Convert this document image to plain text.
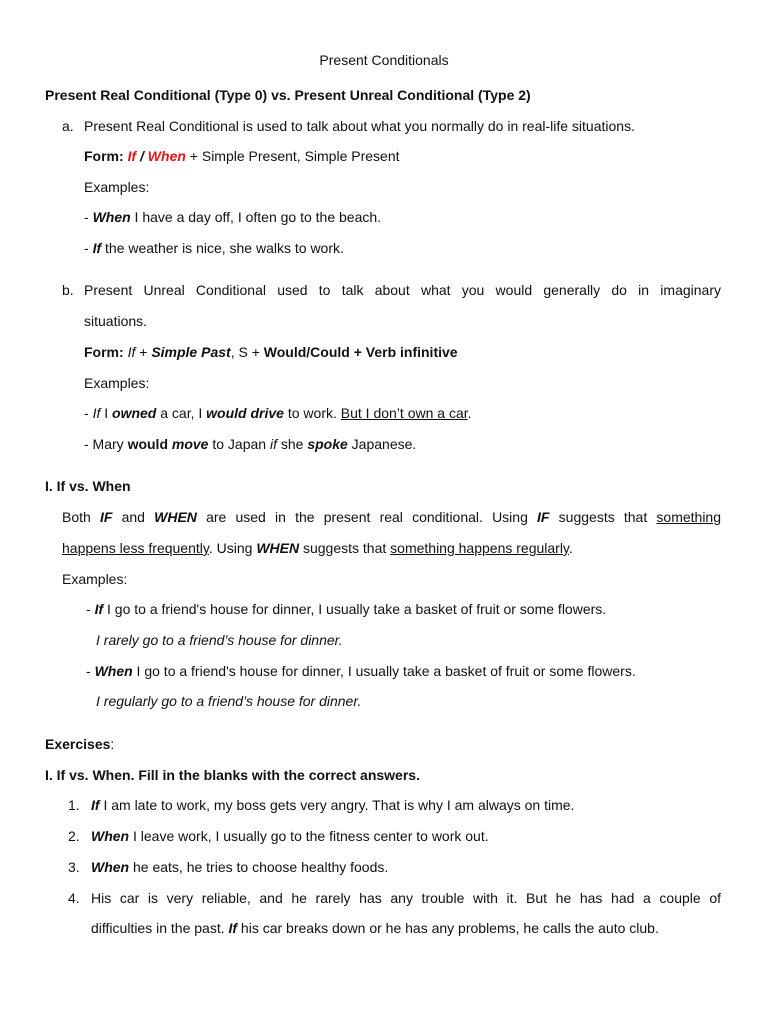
Present Conditionals
Present Real Conditional (Type 0) vs. Present Unreal Conditional (Type 2)
a. Present Real Conditional is used to talk about what you normally do in real-life situations.
Form: If / When + Simple Present, Simple Present
Examples:
- When I have a day off, I often go to the beach.
- If the weather is nice, she walks to work.
b. Present Unreal Conditional used to talk about what you would generally do in imaginary
situations.
Form: If + Simple Past, S + Would/Could + Verb infinitive
Examples:
- If I owned a car, I would drive to work. But I don’t own a car.
- Mary would move to Japan if she spoke Japanese.
I. If vs. When
Both IF and WHEN are used in the present real conditional. Using IF suggests that something
happens less frequently. Using WHEN suggests that something happens regularly.
Examples:
- If I go to a friend's house for dinner, I usually take a basket of fruit or some flowers.
I rarely go to a friend’s house for dinner.
- When I go to a friend's house for dinner, I usually take a basket of fruit or some flowers.
I regularly go to a friend’s house for dinner.
Exercises:
I. If vs. When. Fill in the blanks with the correct answers.
1. If I am late to work, my boss gets very angry. That is why I am always on time.
2. When I leave work, I usually go to the fitness center to work out.
3. When he eats, he tries to choose healthy foods.
4. His car is very reliable, and he rarely has any trouble with it. But he has had a couple of
difficulties in the past. If his car breaks down or he has any problems, he calls the auto club.
